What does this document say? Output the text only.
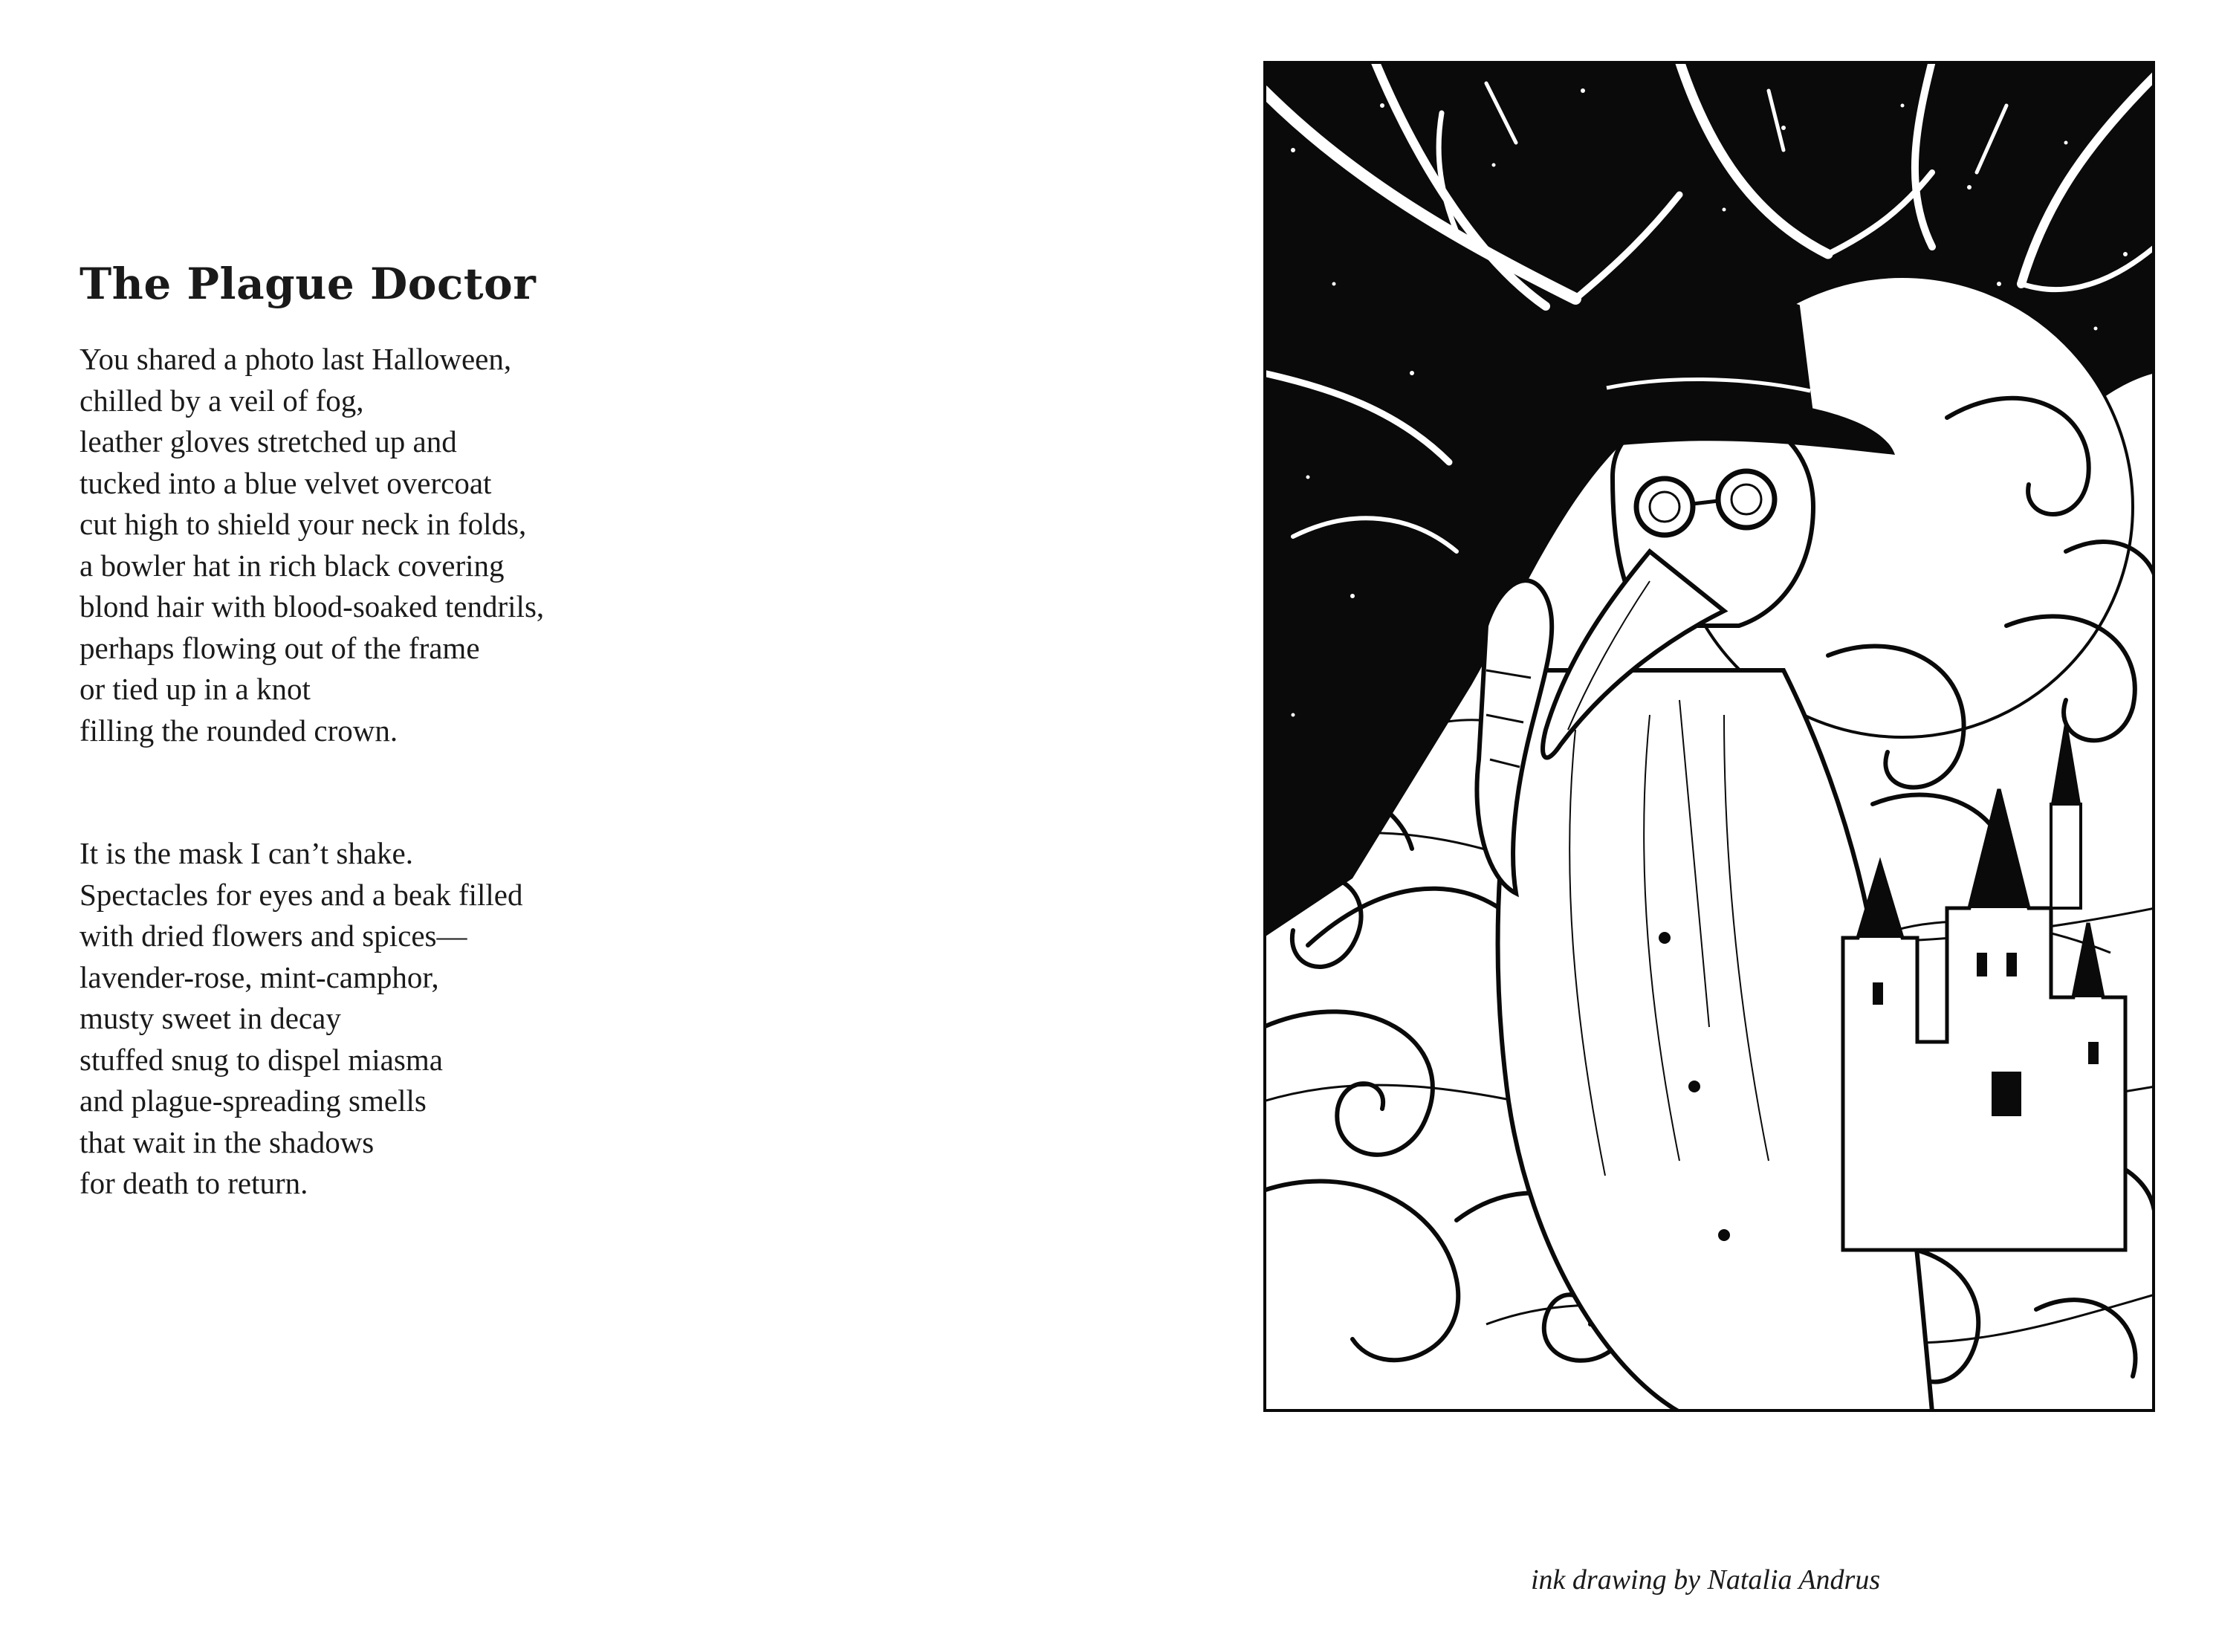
The Plague Doctor
You shared a photo last Halloween,
chilled by a veil of fog,
leather gloves stretched up and
tucked into a blue velvet overcoat
cut high to shield your neck in folds,
a bowler hat in rich black covering
blond hair with blood-soaked tendrils,
perhaps flowing out of the frame
or tied up in a knot
filling the rounded crown.
It is the mask I can’t shake.
Spectacles for eyes and a beak filled
with dried flowers and spices—
lavender-rose, mint-camphor,
musty sweet in decay
stuffed snug to dispel miasma
and plague-spreading smells
that wait in the shadows
for death to return.
ink drawing by Natalia Andrus
